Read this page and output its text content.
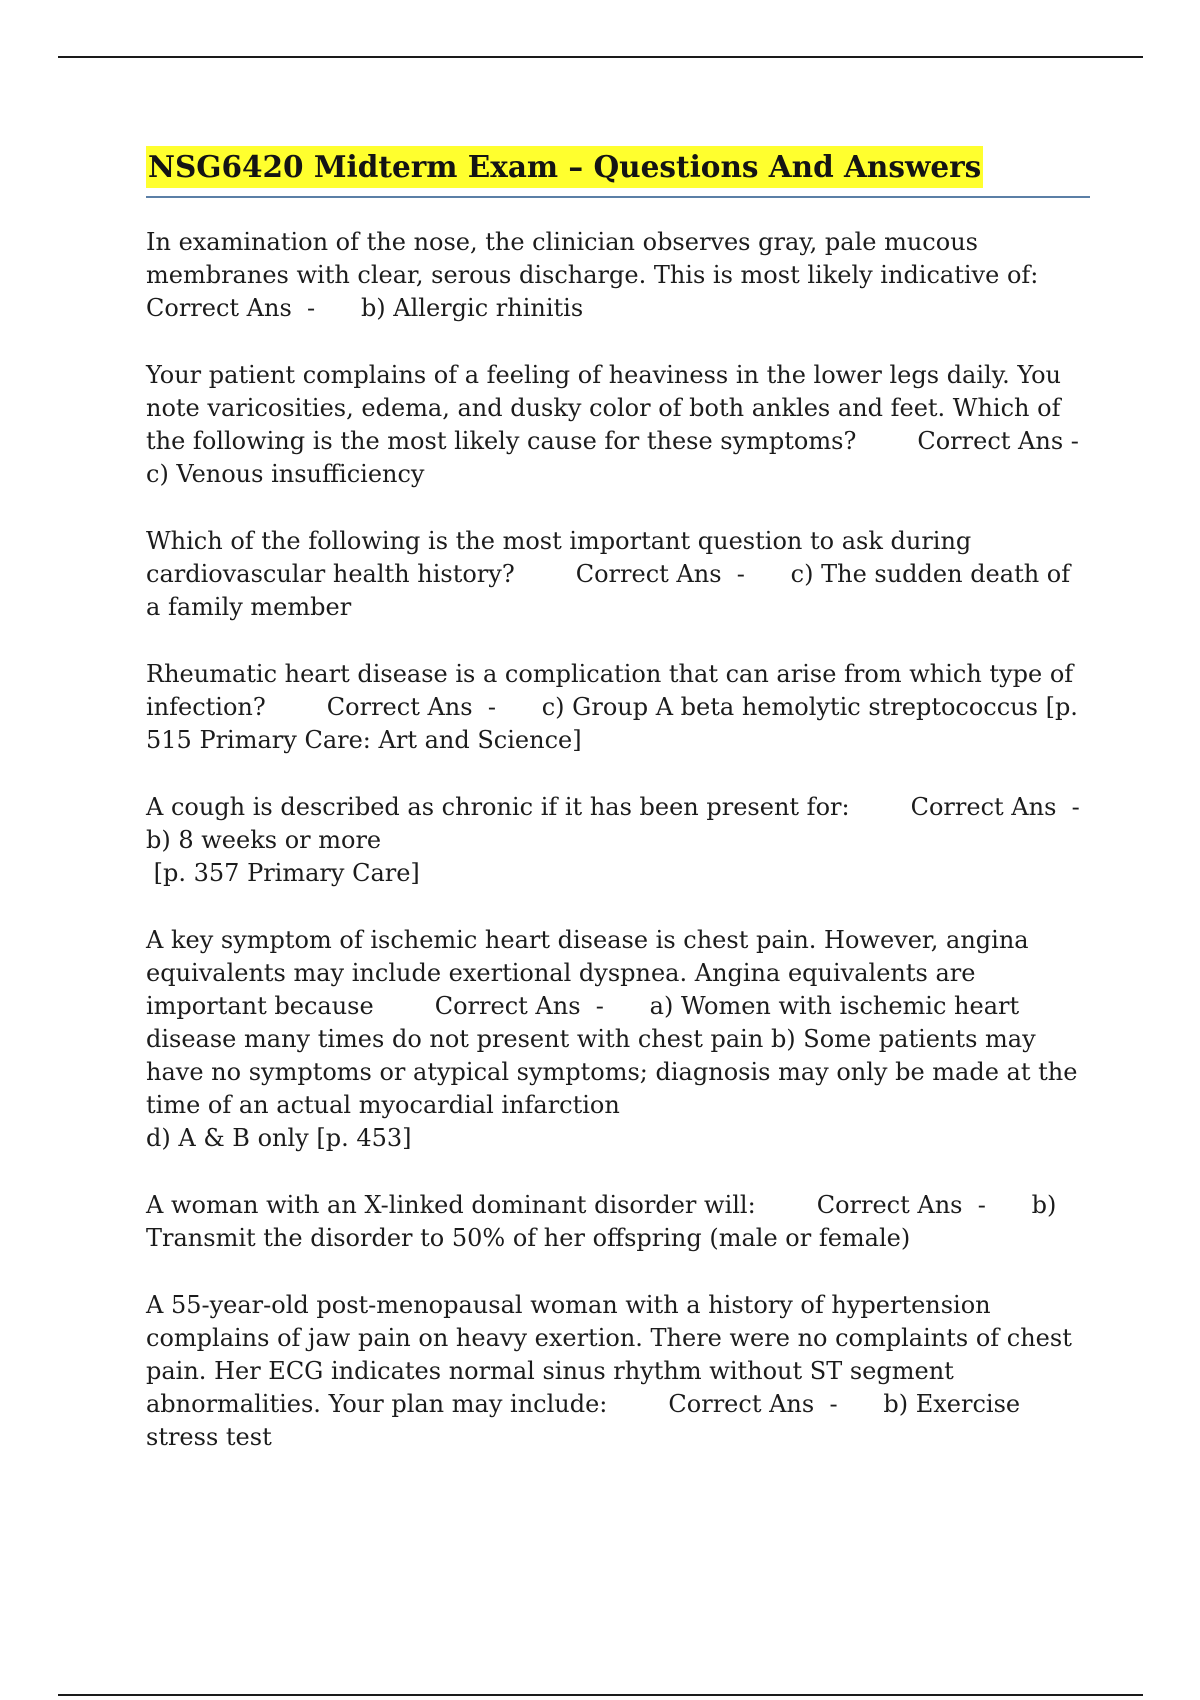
NSG6420 Midterm Exam – Questions And Answers

In examination of the nose, the clinician observes gray, pale mucous membranes with clear, serous discharge. This is most likely indicative of:  Correct Ans  - b) Allergic rhinitis

Your patient complains of a feeling of heaviness in the lower legs daily. You note varicosities, edema, and dusky color of both ankles and feet. Which of the following is the most likely cause for these symptoms?	Correct Ans -      c) Venous insufficiency

Which of the following is the most important question to ask during cardiovascular health history?	Correct Ans  - c) The sudden death of a family member

Rheumatic heart disease is a complication that can arise from which type of infection?	Correct Ans  - c) Group A beta hemolytic streptococcus [p. 515 Primary Care: Art and Science]

A cough is described as chronic if it has been present for:	Correct Ans  - b) 8 weeks or more
[p. 357 Primary Care]

A key symptom of ischemic heart disease is chest pain. However, angina equivalents may include exertional dyspnea. Angina equivalents are important because	Correct Ans  - a) Women with ischemic heart disease many times do not present with chest pain b) Some patients may have no symptoms or atypical symptoms; diagnosis may only be made at the time of an actual myocardial infarction
d) A & B only [p. 453]

A woman with an X-linked dominant disorder will:	Correct Ans  - b) Transmit the disorder to 50% of her offspring (male or female)

A 55-year-old post-menopausal woman with a history of hypertension complains of jaw pain on heavy exertion. There were no complaints of chest pain. Her ECG indicates normal sinus rhythm without ST segment abnormalities. Your plan may include:	Correct Ans  - b) Exercise stress test
